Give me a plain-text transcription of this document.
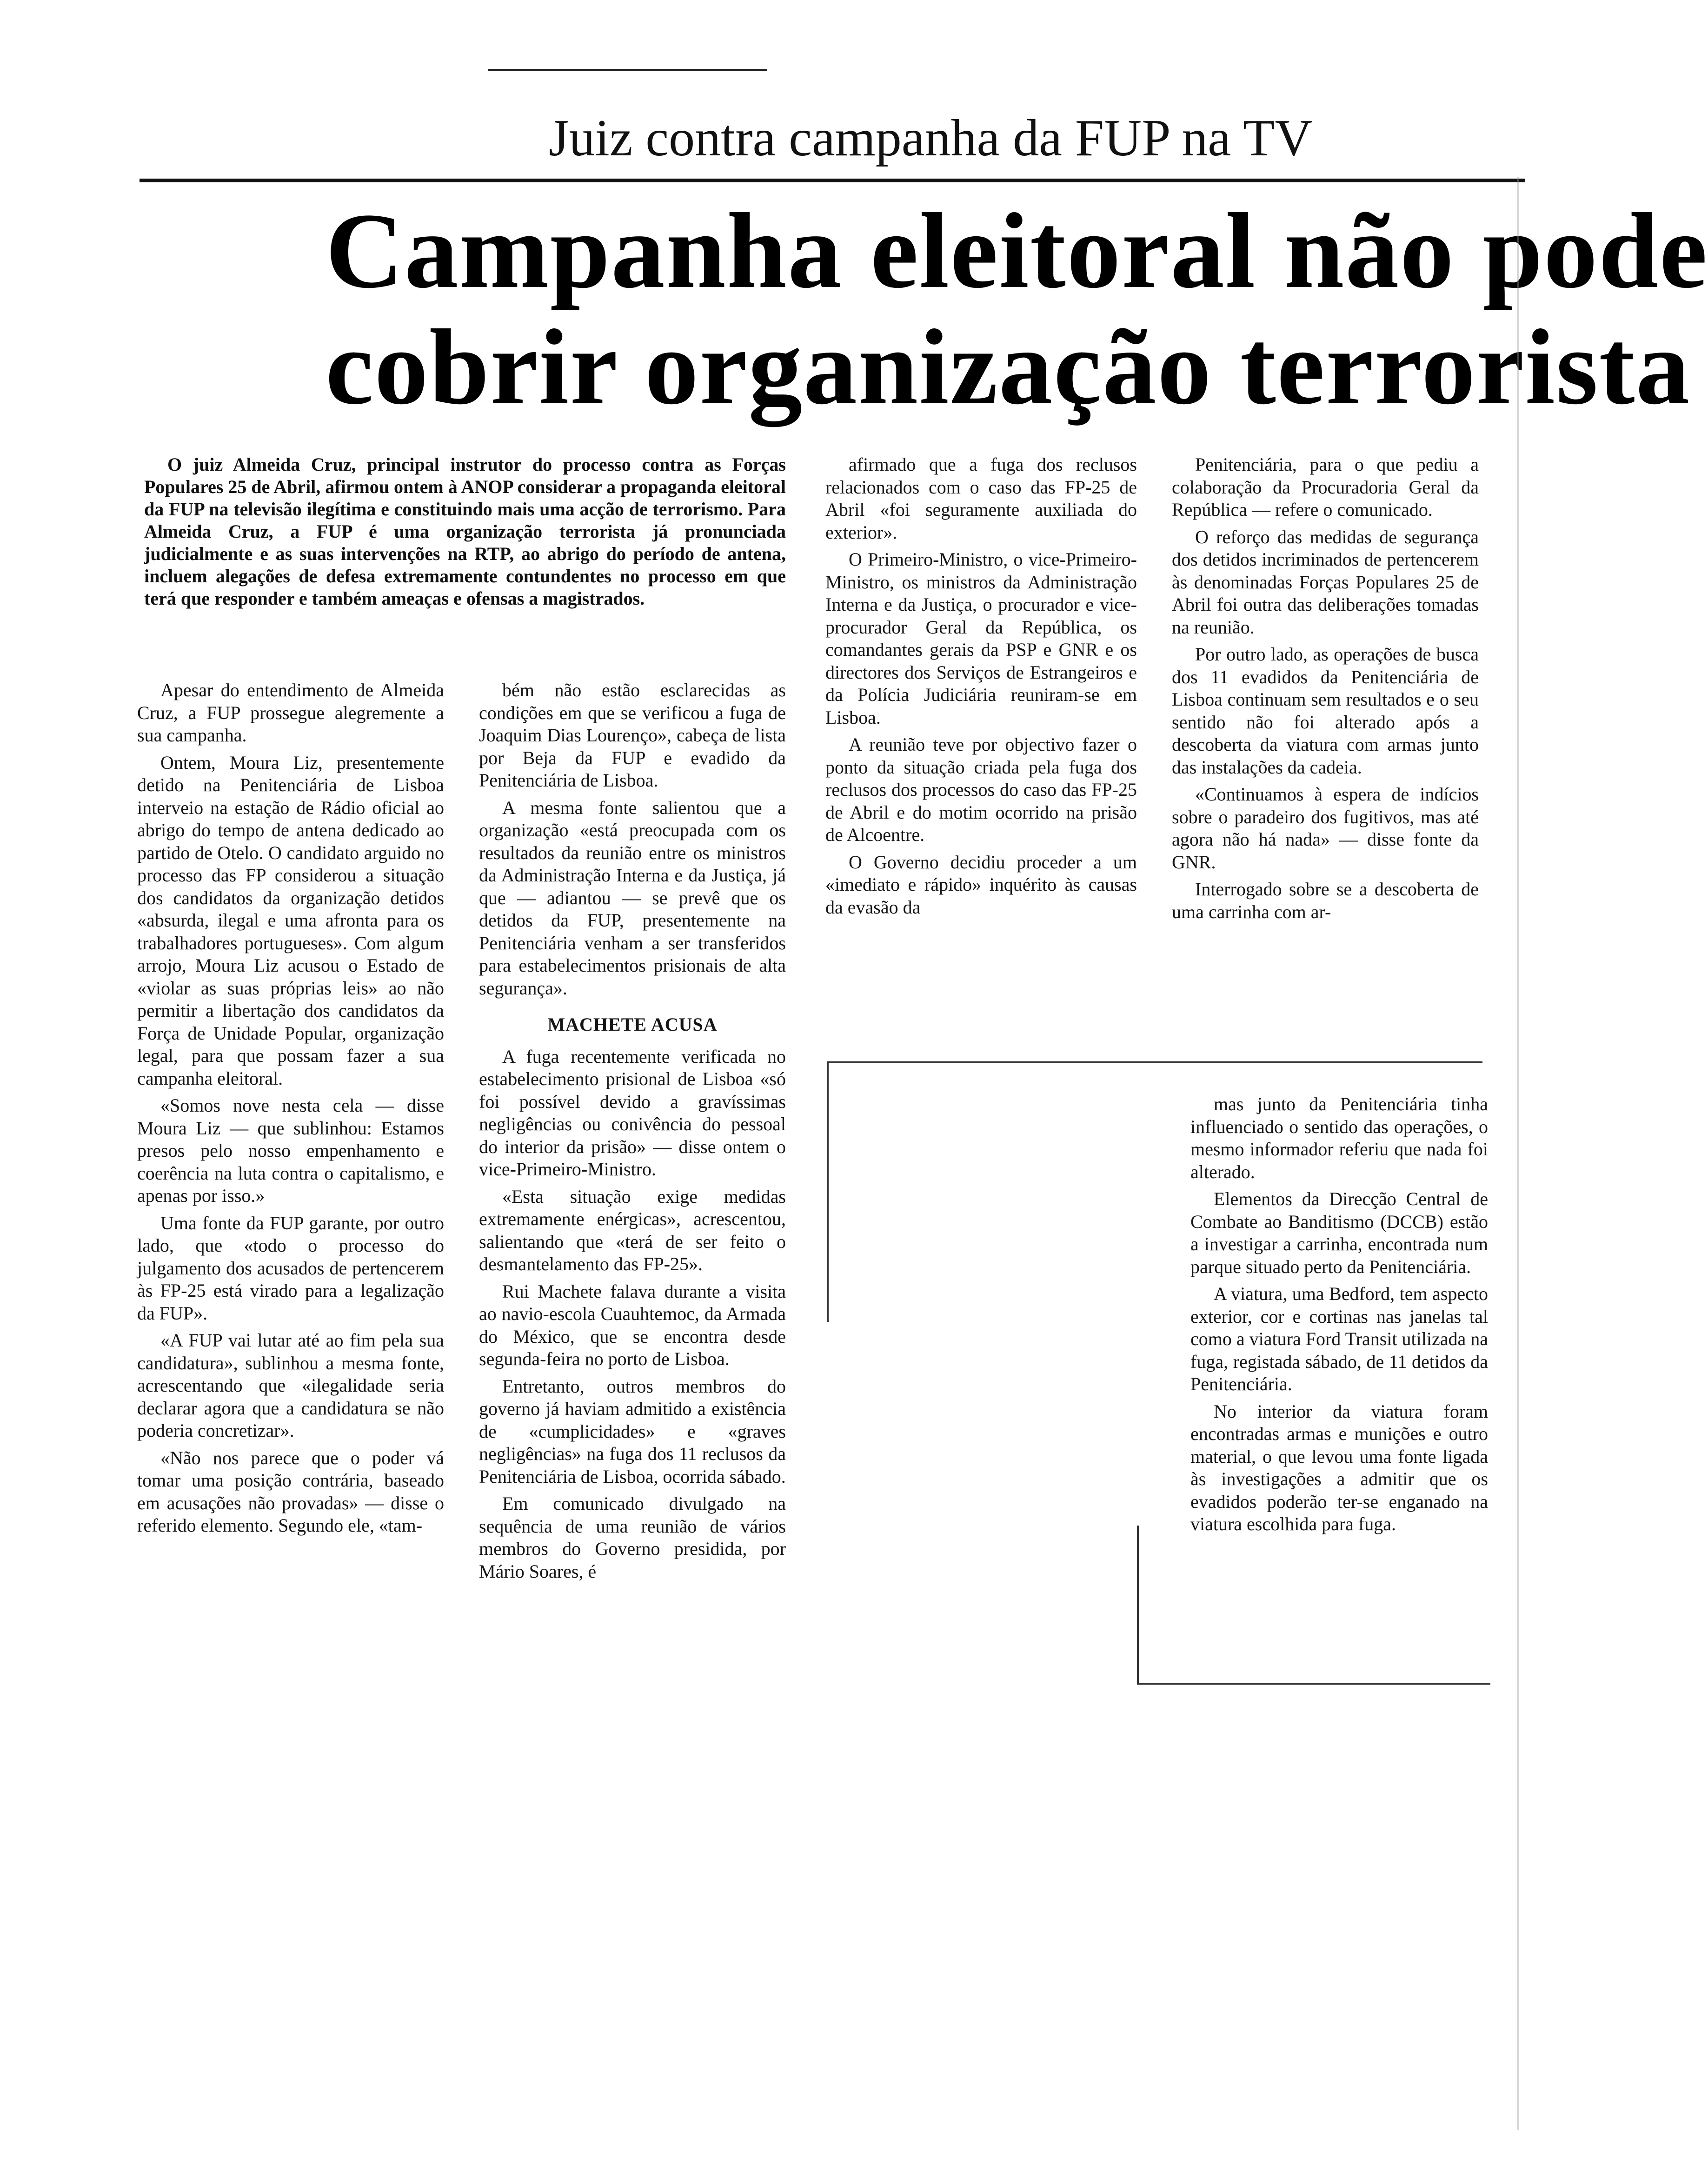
Juiz contra campanha da FUP na TV
Campanha eleitoral não pode
cobrir organização terrorista

O juiz Almeida Cruz, principal instrutor do processo contra as Forças Populares 25 de Abril, afirmou ontem à ANOP considerar a propaganda eleitoral da FUP na televisão ilegítima e constituindo mais uma acção de terrorismo. Para Almeida Cruz, a FUP é uma organização terrorista já pronunciada judicialmente e as suas intervenções na RTP, ao abrigo do período de antena, incluem alegações de defesa extremamente contundentes no processo em que terá que responder e também ameaças e ofensas a magistrados.

Apesar do entendimento de Almeida Cruz, a FUP prossegue alegremente a sua campanha.

Ontem, Moura Liz, presentemente detido na Penitenciária de Lisboa interveio na estação de Rádio oficial ao abrigo do tempo de antena dedicado ao partido de Otelo. O candidato arguido no processo das FP considerou a situação dos candidatos da organização detidos «absurda, ilegal e uma afronta para os trabalhadores portugueses». Com algum arrojo, Moura Liz acusou o Estado de «violar as suas próprias leis» ao não permitir a libertação dos candidatos da Força de Unidade Popular, organização legal, para que possam fazer a sua campanha eleitoral.

«Somos nove nesta cela — disse Moura Liz — que sublinhou: Estamos presos pelo nosso empenhamento e coerência na luta contra o capitalismo, e apenas por isso.»

Uma fonte da FUP garante, por outro lado, que «todo o processo do julgamento dos acusados de pertencerem às FP-25 está virado para a legalização da FUP».

«A FUP vai lutar até ao fim pela sua candidatura», sublinhou a mesma fonte, acrescentando que «ilegalidade seria declarar agora que a candidatura se não poderia concretizar».

«Não nos parece que o poder vá tomar uma posição contrária, baseado em acusações não provadas» — disse o referido elemento. Segundo ele, «tam-

bém não estão esclarecidas as condições em que se verificou a fuga de Joaquim Dias Lourenço», cabeça de lista por Beja da FUP e evadido da Penitenciária de Lisboa.

A mesma fonte salientou que a organização «está preocupada com os resultados da reunião entre os ministros da Administração Interna e da Justiça, já que — adiantou — se prevê que os detidos da FUP, presentemente na Penitenciária venham a ser transferidos para estabelecimentos prisionais de alta segurança».

MACHETE ACUSA

A fuga recentemente verificada no estabelecimento prisional de Lisboa «só foi possível devido a gravíssimas negligências ou conivência do pessoal do interior da prisão» — disse ontem o vice-Primeiro-Ministro.

«Esta situação exige medidas extremamente enérgicas», acrescentou, salientando que «terá de ser feito o desmantelamento das FP-25».

Rui Machete falava durante a visita ao navio-escola Cuauhtemoc, da Armada do México, que se encontra desde segunda-feira no porto de Lisboa.

Entretanto, outros membros do governo já haviam admitido a existência de «cumplicidades» e «graves negligências» na fuga dos 11 reclusos da Penitenciária de Lisboa, ocorrida sábado.

Em comunicado divulgado na sequência de uma reunião de vários membros do Governo presidida, por Mário Soares, é

afirmado que a fuga dos reclusos relacionados com o caso das FP-25 de Abril «foi seguramente auxiliada do exterior».

O Primeiro-Ministro, o vice-Primeiro-Ministro, os ministros da Administração Interna e da Justiça, o procurador e vice-procurador Geral da República, os comandantes gerais da PSP e GNR e os directores dos Serviços de Estrangeiros e da Polícia Judiciária reuniram-se em Lisboa.

A reunião teve por objectivo fazer o ponto da situação criada pela fuga dos reclusos dos processos do caso das FP-25 de Abril e do motim ocorrido na prisão de Alcoentre.

O Governo decidiu proceder a um «imediato e rápido» inquérito às causas da evasão da

Penitenciária, para o que pediu a colaboração da Procuradoria Geral da República — refere o comunicado.

O reforço das medidas de segurança dos detidos incriminados de pertencerem às denominadas Forças Populares 25 de Abril foi outra das deliberações tomadas na reunião.

Por outro lado, as operações de busca dos 11 evadidos da Penitenciária de Lisboa continuam sem resultados e o seu sentido não foi alterado após a descoberta da viatura com armas junto das instalações da cadeia.

«Continuamos à espera de indícios sobre o paradeiro dos fugitivos, mas até agora não há nada» — disse fonte da GNR.

Interrogado sobre se a descoberta de uma carrinha com ar-

mas junto da Penitenciária tinha influenciado o sentido das operações, o mesmo informador referiu que nada foi alterado.

Elementos da Direcção Central de Combate ao Banditismo (DCCB) estão a investigar a carrinha, encontrada num parque situado perto da Penitenciária.

A viatura, uma Bedford, tem aspecto exterior, cor e cortinas nas janelas tal como a viatura Ford Transit utilizada na fuga, registada sábado, de 11 detidos da Penitenciária.

No interior da viatura foram encontradas armas e munições e outro material, o que levou uma fonte ligada às investigações a admitir que os evadidos poderão ter-se enganado na viatura escolhida para fuga.
